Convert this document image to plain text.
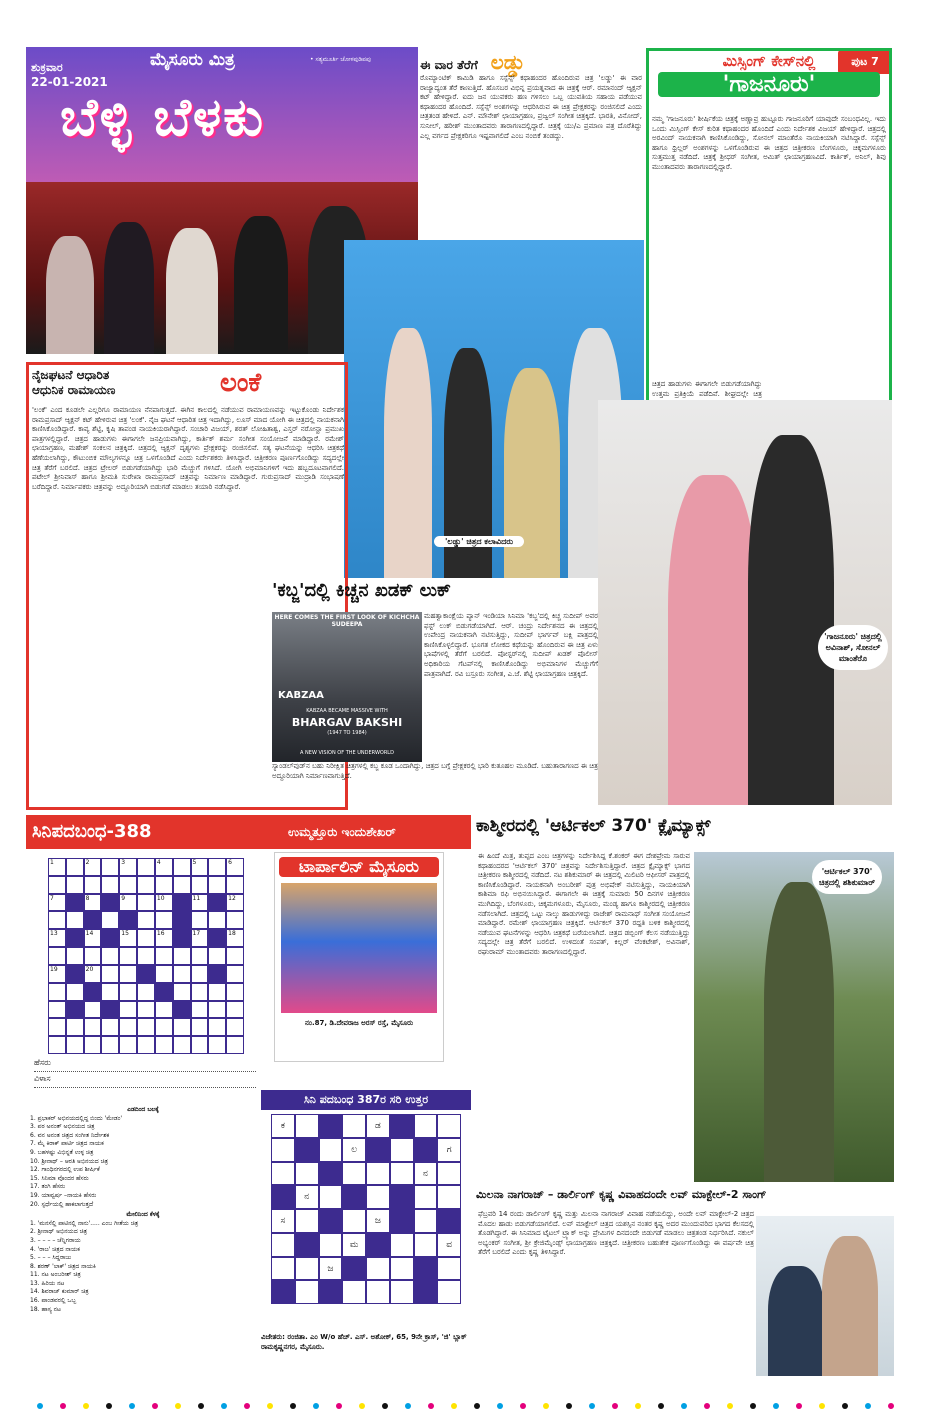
ಶುಕ್ರವಾರ
22-01-2021
ಮೈಸೂರು ಮಿತ್ರ	• ಸತ್ಯಮೂರ್ತಿ ಚೋಳಪುಡಿಪಪು
ಬೆಳ್ಳಿ ಬೆಳಕು
ಈ ವಾರ ತೆರೆಗೆ ಲಡ್ಡು
ರೊಮ್ಯಾಂಟಿಕ್ ಕಾಮಿಡಿ ಹಾಗೂ ಸಸ್ಪೆನ್ಸ್ ಕಥಾಹಂದರ ಹೊಂದಿರುವ ಚಿತ್ರ 'ಲಡ್ಡು' ಈ ವಾರ ರಾಜ್ಯಾದ್ಯಂತ ತೆರೆ ಕಾಣುತ್ತಿದೆ. ಹೊಸಬರ ವಿಭಿನ್ನ ಪ್ರಯತ್ನವಾದ ಈ ಚಿತ್ರಕ್ಕೆ ಆರ್. ರಮಾನಂದ್ ಆ್ಯಕ್ಷನ್ ಕಟ್ ಹೇಳಿದ್ದಾರೆ. ಐದು ಜನ ಯುವಕರು ಹಣ ಗಳಿಸಲು ಒಬ್ಬ ಯುವತಿಯ ಸಹಾಯ ಪಡೆಯುವ ಕಥಾಹಂದರ ಹೊಂದಿದೆ. ಸಸ್ಪೆನ್ಸ್ ಅಂಶಗಳನ್ನು ಆಧರಿಸಿರುವ ಈ ಚಿತ್ರ ಪ್ರೇಕ್ಷಕರನ್ನು ರಂಜಿಸಲಿದೆ ಎಂದು ಚಿತ್ರತಂಡ ಹೇಳಿದೆ. ಎನ್. ಮೌನೇಶ್ ಛಾಯಾಗ್ರಹಣ, ಪ್ರಜ್ವಲ್ ಸಂಗೀತ ಚಿತ್ರಕ್ಕಿದೆ. ಭಾರತಿ, ವಿನೋದ್, ಸುನೀಲ್, ಹರೀಶ್ ಮುಂತಾದವರು ತಾರಾಗಣದಲ್ಲಿದ್ದಾರೆ. ಚಿತ್ರಕ್ಕೆ ಯು/ಎ ಪ್ರಮಾಣ ಪತ್ರ ದೊರೆತಿದ್ದು ಎಲ್ಲ ವರ್ಗದ ಪ್ರೇಕ್ಷಕರಿಗೂ ಇಷ್ಟವಾಗಲಿದೆ ಎಂಬ ನಂಬಿಕೆ ತಂಡದ್ದು.
'ಲಡ್ಡು' ಚಿತ್ರದ ಕಲಾವಿದರು
ಪುಟ 7
ಮಿಸ್ಸಿಂಗ್ ಕೇಸ್‌ನಲ್ಲಿ
'ಗಾಜನೂರು'
ನಮ್ಮ 'ಗಾಜನೂರು' ಶೀರ್ಷಿಕೆಯ ಚಿತ್ರಕ್ಕೆ ಅಣ್ಣಾವ್ರ ಹುಟ್ಟೂರು ಗಾಜನೂರಿಗೆ ಯಾವುದೇ ಸಂಬಂಧವಿಲ್ಲ. ಇದು ಒಂದು ಮಿಸ್ಸಿಂಗ್ ಕೇಸ್ ಕುರಿತ ಕಥಾಹಂದರ ಹೊಂದಿದೆ ಎಂದು ನಿರ್ದೇಶಕ ವಿಜಯ್ ಹೇಳಿದ್ದಾರೆ. ಚಿತ್ರದಲ್ಲಿ ಅರವಿಂದ್ ನಾಯಕನಾಗಿ ಕಾಣಿಸಿಕೊಂಡಿದ್ದು, ಸೋನಲ್ ಮಾಂತೆರೊ ನಾಯಕಿಯಾಗಿ ನಟಿಸಿದ್ದಾರೆ. ಸಸ್ಪೆನ್ಸ್ ಹಾಗೂ ಥ್ರಿಲ್ಲರ್ ಅಂಶಗಳನ್ನು ಒಳಗೊಂಡಿರುವ ಈ ಚಿತ್ರದ ಚಿತ್ರೀಕರಣ ಬೆಂಗಳೂರು, ಚಿಕ್ಕಮಗಳೂರು ಸುತ್ತಮುತ್ತ ನಡೆದಿದೆ. ಚಿತ್ರಕ್ಕೆ ಶ್ರೀಧರ್ ಸಂಗೀತ, ಅಮಿತ್ ಛಾಯಾಗ್ರಹಣವಿದೆ. ಕಾರ್ತಿಕ್, ಅನಿಲ್, ಶಿವು ಮುಂತಾದವರು ತಾರಾಗಣದಲ್ಲಿದ್ದಾರೆ.
ಚಿತ್ರದ ಹಾಡುಗಳು ಈಗಾಗಲೇ ಬಿಡುಗಡೆಯಾಗಿದ್ದು ಉತ್ತಮ ಪ್ರತಿಕ್ರಿಯೆ ಪಡೆದಿವೆ. ಶೀಘ್ರದಲ್ಲೇ ಚಿತ್ರ
'ಗಾಜನೂರು' ಚಿತ್ರದಲ್ಲಿ ಅವಿನಾಶ್, ಸೋನಲ್ ಮಾಂತೆರೊ
ನೈಜಘಟನೆ ಆಧಾರಿತ
ಆಧುನಿಕ ರಾಮಾಯಣ	ಲಂಕೆ
'ಲಂಕೆ' ಎಂದ ಕೂಡಲೇ ಎಲ್ಲರಿಗೂ ರಾಮಾಯಣ ನೆನಪಾಗುತ್ತದೆ. ಈಗಿನ ಕಾಲದಲ್ಲಿ ನಡೆಯುವ ರಾಮಾಯಣವನ್ನು ಇಟ್ಟುಕೊಂಡು ನಿರ್ದೇಶಕ ರಾಮಪ್ರಸಾದ್ ಆ್ಯಕ್ಷನ್ ಕಟ್ ಹೇಳಿರುವ ಚಿತ್ರ 'ಲಂಕೆ'. ನೈಜ ಘಟನೆ ಆಧಾರಿತ ಚಿತ್ರ ಇದಾಗಿದ್ದು, ಲೂಸ್ ಮಾದ ಯೋಗಿ ಈ ಚಿತ್ರದಲ್ಲಿ ನಾಯಕನಾಗಿ ಕಾಣಿಸಿಕೊಂಡಿದ್ದಾರೆ. ಕಾವ್ಯ ಶೆಟ್ಟಿ, ಕೃಷಿ ತಾಪಂಡ ನಾಯಕಿಯರಾಗಿದ್ದಾರೆ. ಸಂಚಾರಿ ವಿಜಯ್, ಶರತ್ ಲೋಹಿತಾಶ್ವ, ಎಸ್ತರ್ ನರೋನ್ಹಾ ಪ್ರಮುಖ ಪಾತ್ರಗಳಲ್ಲಿದ್ದಾರೆ. ಚಿತ್ರದ ಹಾಡುಗಳು ಈಗಾಗಲೇ ಜನಪ್ರಿಯವಾಗಿದ್ದು, ಕಾರ್ತಿಕ್ ಶರ್ಮ ಸಂಗೀತ ಸಂಯೋಜನೆ ಮಾಡಿದ್ದಾರೆ. ರಮೇಶ್ ಛಾಯಾಗ್ರಹಣ, ಮಹೇಶ್ ಸಂಕಲನ ಚಿತ್ರಕ್ಕಿದೆ. ಚಿತ್ರದಲ್ಲಿ ಆ್ಯಕ್ಷನ್ ದೃಶ್ಯಗಳು ಪ್ರೇಕ್ಷಕರನ್ನು ರಂಜಿಸಲಿವೆ. ಸತ್ಯ ಘಟನೆಯನ್ನು ಆಧರಿಸಿ ಚಿತ್ರಕಥೆ ಹೆಣೆಯಲಾಗಿದ್ದು, ಕೌಟುಂಬಿಕ ಮೌಲ್ಯಗಳನ್ನೂ ಚಿತ್ರ ಒಳಗೊಂಡಿದೆ ಎಂದು ನಿರ್ದೇಶಕರು ತಿಳಿಸಿದ್ದಾರೆ. ಚಿತ್ರೀಕರಣ ಪೂರ್ಣಗೊಂಡಿದ್ದು ಸದ್ಯದಲ್ಲೇ ಚಿತ್ರ ತೆರೆಗೆ ಬರಲಿದೆ. ಚಿತ್ರದ ಟ್ರೇಲರ್ ಬಿಡುಗಡೆಯಾಗಿದ್ದು ಭಾರಿ ಮೆಚ್ಚುಗೆ ಗಳಿಸಿದೆ. ಯೋಗಿ ಅಭಿಮಾನಿಗಳಿಗೆ ಇದು ಹಬ್ಬದೂಟವಾಗಲಿದೆ. ಪಟೇಲ್ ಶ್ರೀನಿವಾಸ್ ಹಾಗೂ ಶ್ರೀಮತಿ ಸುರೇಖಾ ರಾಮಪ್ರಸಾದ್ ಚಿತ್ರವನ್ನು ನಿರ್ಮಾಣ ಮಾಡಿದ್ದಾರೆ. ಗುರುಪ್ರಸಾದ್ ಮುದ್ರಾಡಿ ಸಂಭಾಷಣೆ ಬರೆದಿದ್ದಾರೆ. ನಿರ್ಮಾಪಕರು ಚಿತ್ರವನ್ನು ಅದ್ದೂರಿಯಾಗಿ ಬಿಡುಗಡೆ ಮಾಡಲು ತಯಾರಿ ನಡೆಸಿದ್ದಾರೆ.
'ಕಬ್ಜ'ದಲ್ಲಿ ಕಿಚ್ಚನ ಖಡಕ್ ಲುಕ್
HERE COMES THE FIRST LOOK OF KICHCHA SUDEEPA
KABZAA
KABZAA BECAME MASSIVE WITH
BHARGAV BAKSHI
(1947 TO 1984)
A NEW VISION OF THE UNDERWORLD
ಮಹತ್ವಾಕಾಂಕ್ಷೆಯ ಪ್ಯಾನ್ ಇಂಡಿಯಾ ಸಿನಿಮಾ 'ಕಬ್ಜ'ದಲ್ಲಿ ಕಿಚ್ಚ ಸುದೀಪ್ ಅವರ ಫಸ್ಟ್ ಲುಕ್ ಬಿಡುಗಡೆಯಾಗಿದೆ. ಆರ್. ಚಂದ್ರು ನಿರ್ದೇಶನದ ಈ ಚಿತ್ರದಲ್ಲಿ ಉಪೇಂದ್ರ ನಾಯಕನಾಗಿ ನಟಿಸುತ್ತಿದ್ದು, ಸುದೀಪ್ ಭಾರ್ಗವ್ ಬಕ್ಷಿ ಪಾತ್ರದಲ್ಲಿ ಕಾಣಿಸಿಕೊಳ್ಳಲಿದ್ದಾರೆ. ಭೂಗತ ಲೋಕದ ಕಥೆಯನ್ನು ಹೊಂದಿರುವ ಈ ಚಿತ್ರ ಏಳು ಭಾಷೆಗಳಲ್ಲಿ ತೆರೆಗೆ ಬರಲಿದೆ. ಪೋಸ್ಟರ್‌ನಲ್ಲಿ ಸುದೀಪ್ ಖಡಕ್ ಪೊಲೀಸ್ ಅಧಿಕಾರಿಯ ಗೆಟಪ್‌ನಲ್ಲಿ ಕಾಣಿಸಿಕೊಂಡಿದ್ದು ಅಭಿಮಾನಿಗಳ ಮೆಚ್ಚುಗೆಗೆ ಪಾತ್ರವಾಗಿದೆ. ರವಿ ಬಸ್ರೂರು ಸಂಗೀತ, ಎ.ಜೆ. ಶೆಟ್ಟಿ ಛಾಯಾಗ್ರಹಣ ಚಿತ್ರಕ್ಕಿದೆ.
ಸ್ಯಾಂಡಲ್‌ವುಡ್‌ನ ಬಹು ನಿರೀಕ್ಷಿತ ಚಿತ್ರಗಳಲ್ಲಿ ಕಬ್ಜ ಕೂಡ ಒಂದಾಗಿದ್ದು, ಚಿತ್ರದ ಬಗ್ಗೆ ಪ್ರೇಕ್ಷಕರಲ್ಲಿ ಭಾರಿ ಕುತೂಹಲ ಮೂಡಿದೆ. ಬಹುತಾರಾಗಣದ ಈ ಚಿತ್ರ ಅದ್ದೂರಿಯಾಗಿ ನಿರ್ಮಾಣವಾಗುತ್ತಿದೆ.
ಸಿನಿಪದಬಂಧ-388	ಉಮ್ಮತ್ತೂರು ಇಂದುಶೇಖರ್
1	2	3	4	5	6
7	8	9	10	11	12
13	14	15	16	17	18
19	20
ಹೆಸರು
ವಿಳಾಸ
ಟಾರ್ಪಾಲಿನ್ ಮೈಸೂರು
ನಂ.87, ಡಿ.ದೇವರಾಜ ಅರಸ್ ರಸ್ತೆ, ಮೈಸೂರು
ಸಿನಿ ಪದಬಂಧ 387ರ ಸರಿ ಉತ್ತರ
ಕ	ಡ
ಲ	ಗ
ನ
ನ
ಸ	ಜ
ಮ	ವ
ಜ
ಎಡದಿಂದ ಬಲಕ್ಕೆ
1. ಪ್ರಭಾಕರ್ ಅಭಿನಯದಲ್ಲಿದ್ದ ಬಿಂದು 'ಮೇಡಂ'
3. ಪಠ ಅನಂತ್ ಅಭಿನಯದ ಚಿತ್ರ
6. ವನ ಅನಂತ ಚಿತ್ರದ ಸಂಗೀತ ನಿರ್ದೇಶಕ
7. ಮೈ ಕಿರಾಕ್ ಪಾರ್ಟಿ ಚಿತ್ರದ ನಾಯಕ
9. ಬಹಳಷ್ಟು ವಿಭಿನ್ನತೆ ಉಳ್ಳ ಚಿತ್ರ
10. ಶ್ರೀನಾಥ್ – ಆರತಿ ಅಭಿನಯದ ಚಿತ್ರ
12. ಗಾಂಧಿನಗರದಲ್ಲಿ ಉಪ ಶೀರ್ಷಿಕೆ
15. ಸಿನಿಮಾ ವೊಂದರ ಹೆಸರು
17. ತಂಗಿ ಹೆಸರು
19. ಯಾವ್ವರ್ಷ –ನಾಯಕಿ ಹೆಸರು
20. ಸ್ಪರ್ಧೆಯಲ್ಲಿ ಹಾಕಲಾಗುತ್ತದೆ
ಮೇಲಿನಿಂದ ಕೆಳಕ್ಕೆ
1. 'ಮನಸೆಲ್ಲಿ ಪಾಟಿನಲ್ಲಿ ನಾನು'..... ಎಂಬ ಗೀತೆಯ ಚಿತ್ರ
2. ಶ್ರೀನಾಥ್ ಅಭಿನಯದ ಚಿತ್ರ
3. – – – – ಚೆನ್ನಿಗರಾಯ
4. 'ರಾಜ' ಚಿತ್ರದ ನಾಯಕ
5. – – – ಸಿದ್ದರಾಜು
8. ಶರಣ್ 'ಲಾಕ್' ಚಿತ್ರದ ನಾಯಕಿ
11. ನಟ ಅಂಬರೀಶ್ ಚಿತ್ರ
13. ಹಿರಿಯ ನಟ
14. ಶಿವರಾಜ್ ಕುಮಾರ್ ಚಿತ್ರ
16. ಪಾಂಡವರಲ್ಲಿ ಒಬ್ಬ
18. ಹಾಸ್ಯ ನಟ
ವಿಜೇತರು: ರಂಜಿತಾ. ಎಂ W/o ಹೆಚ್. ಎಸ್. ಅಶೋಕ್, 65, 9ನೇ ಕ್ರಾಸ್, 'ಜಿ' ಬ್ಲಾಕ್ ರಾಮಕೃಷ್ಣನಗರ, ಮೈಸೂರು.
ಕಾಶ್ಮೀರದಲ್ಲಿ 'ಆರ್ಟಿಕಲ್ 370' ಕ್ಲೈಮ್ಯಾಕ್ಸ್
ಈ ಹಿಂದೆ ಮಿತ್ರ, ತುಪ್ಪದ ಎಂಬ ಚಿತ್ರಗಳನ್ನು ನಿರ್ದೇಶಿಸಿದ್ದ ಕೆ.ಶಂಕರ್ ಈಗ ದೇಶಪ್ರೇಮ ಸಾರುವ ಕಥಾಹಂದರದ 'ಆರ್ಟಿಕಲ್ 370' ಚಿತ್ರವನ್ನು ನಿರ್ದೇಶಿಸುತ್ತಿದ್ದಾರೆ. ಚಿತ್ರದ ಕ್ಲೈಮ್ಯಾಕ್ಸ್ ಭಾಗದ ಚಿತ್ರೀಕರಣ ಕಾಶ್ಮೀರದಲ್ಲಿ ನಡೆದಿದೆ. ನಟ ಶಶಿಕುಮಾರ್ ಈ ಚಿತ್ರದಲ್ಲಿ ಮಿಲಿಟರಿ ಆಫೀಸರ್ ಪಾತ್ರದಲ್ಲಿ ಕಾಣಿಸಿಕೊಂಡಿದ್ದಾರೆ. ನಾಯಕನಾಗಿ ಅಂಬರೀಶ್ ಪುತ್ರ ಅಭಿಷೇಕ್ ನಟಿಸುತ್ತಿದ್ದು, ನಾಯಕಿಯಾಗಿ ಕಾಶಿಮಾ ರಫಿ ಅಭಿನಯಿಸಿದ್ದಾರೆ. ಈಗಾಗಲೇ ಈ ಚಿತ್ರಕ್ಕೆ ಸುಮಾರು 50 ದಿನಗಳ ಚಿತ್ರೀಕರಣ ಮುಗಿದಿದ್ದು, ಬೆಂಗಳೂರು, ಚಿಕ್ಕಮಗಳೂರು, ಮೈಸೂರು, ಮಂಡ್ಯ ಹಾಗೂ ಕಾಶ್ಮೀರದಲ್ಲಿ ಚಿತ್ರೀಕರಣ ನಡೆಸಲಾಗಿದೆ. ಚಿತ್ರದಲ್ಲಿ ಒಟ್ಟು ನಾಲ್ಕು ಹಾಡುಗಳಿದ್ದು ರಾಜೇಶ್ ರಾಮನಾಥ್ ಸಂಗೀತ ಸಂಯೋಜನೆ ಮಾಡಿದ್ದಾರೆ. ರಮೇಶ್ ಛಾಯಾಗ್ರಹಣ ಚಿತ್ರಕ್ಕಿದೆ. ಆರ್ಟಿಕಲ್ 370 ರದ್ದತಿ ಬಳಿಕ ಕಾಶ್ಮೀರದಲ್ಲಿ ನಡೆಯುವ ಘಟನೆಗಳನ್ನು ಆಧರಿಸಿ ಚಿತ್ರಕಥೆ ಬರೆಯಲಾಗಿದೆ. ಚಿತ್ರದ ಡಬ್ಬಿಂಗ್ ಕೆಲಸ ನಡೆಯುತ್ತಿದ್ದು ಸದ್ಯದಲ್ಲೇ ಚಿತ್ರ ತೆರೆಗೆ ಬರಲಿದೆ. ಉಳಿದಂತೆ ಸಂಪತ್, ಕಿಲ್ಲರ್ ವೆಂಕಟೇಶ್, ಅವಿನಾಶ್, ರಘುರಾಮ್ ಮುಂತಾದವರು ತಾರಾಗಣದಲ್ಲಿದ್ದಾರೆ.
'ಆರ್ಟಿಕಲ್ 370' ಚಿತ್ರದಲ್ಲಿ ಶಶಿಕುಮಾರ್
ಮಿಲನಾ ನಾಗರಾಜ್ – ಡಾರ್ಲಿಂಗ್ ಕೃಷ್ಣ ವಿವಾಹದಂದೇ ಲವ್ ಮಾಕ್ಟೇಲ್-2 ಸಾಂಗ್
ಫೆಬ್ರವರಿ 14 ರಂದು ಡಾರ್ಲಿಂಗ್ ಕೃಷ್ಣ ಮತ್ತು ಮಿಲನಾ ನಾಗರಾಜ್ ವಿವಾಹ ನಡೆಯಲಿದ್ದು, ಅಂದೇ ಲವ್ ಮಾಕ್ಟೇಲ್-2 ಚಿತ್ರದ ಮೊದಲ ಹಾಡು ಬಿಡುಗಡೆಯಾಗಲಿದೆ. ಲವ್ ಮಾಕ್ಟೇಲ್ ಚಿತ್ರದ ಯಶಸ್ಸಿನ ನಂತರ ಕೃಷ್ಣ ಅದರ ಮುಂದುವರಿದ ಭಾಗದ ಕೆಲಸದಲ್ಲಿ ತೊಡಗಿದ್ದಾರೆ. ಈ ಸಿನಿಮಾದ ಟೈಟಲ್ ಟ್ರ್ಯಾಕ್ ಅನ್ನು ಪ್ರೇಮಿಗಳ ದಿನದಂದೇ ಬಿಡುಗಡೆ ಮಾಡಲು ಚಿತ್ರತಂಡ ನಿರ್ಧರಿಸಿದೆ. ನಕುಲ್ ಅಭ್ಯಂಕರ್ ಸಂಗೀತ, ಶ್ರೀ ಕ್ರೇಜಿಮೈಂಡ್ಸ್ ಛಾಯಾಗ್ರಹಣ ಚಿತ್ರಕ್ಕಿದೆ. ಚಿತ್ರೀಕರಣ ಬಹುತೇಕ ಪೂರ್ಣಗೊಂಡಿದ್ದು ಈ ವರ್ಷವೇ ಚಿತ್ರ ತೆರೆಗೆ ಬರಲಿದೆ ಎಂದು ಕೃಷ್ಣ ತಿಳಿಸಿದ್ದಾರೆ.
